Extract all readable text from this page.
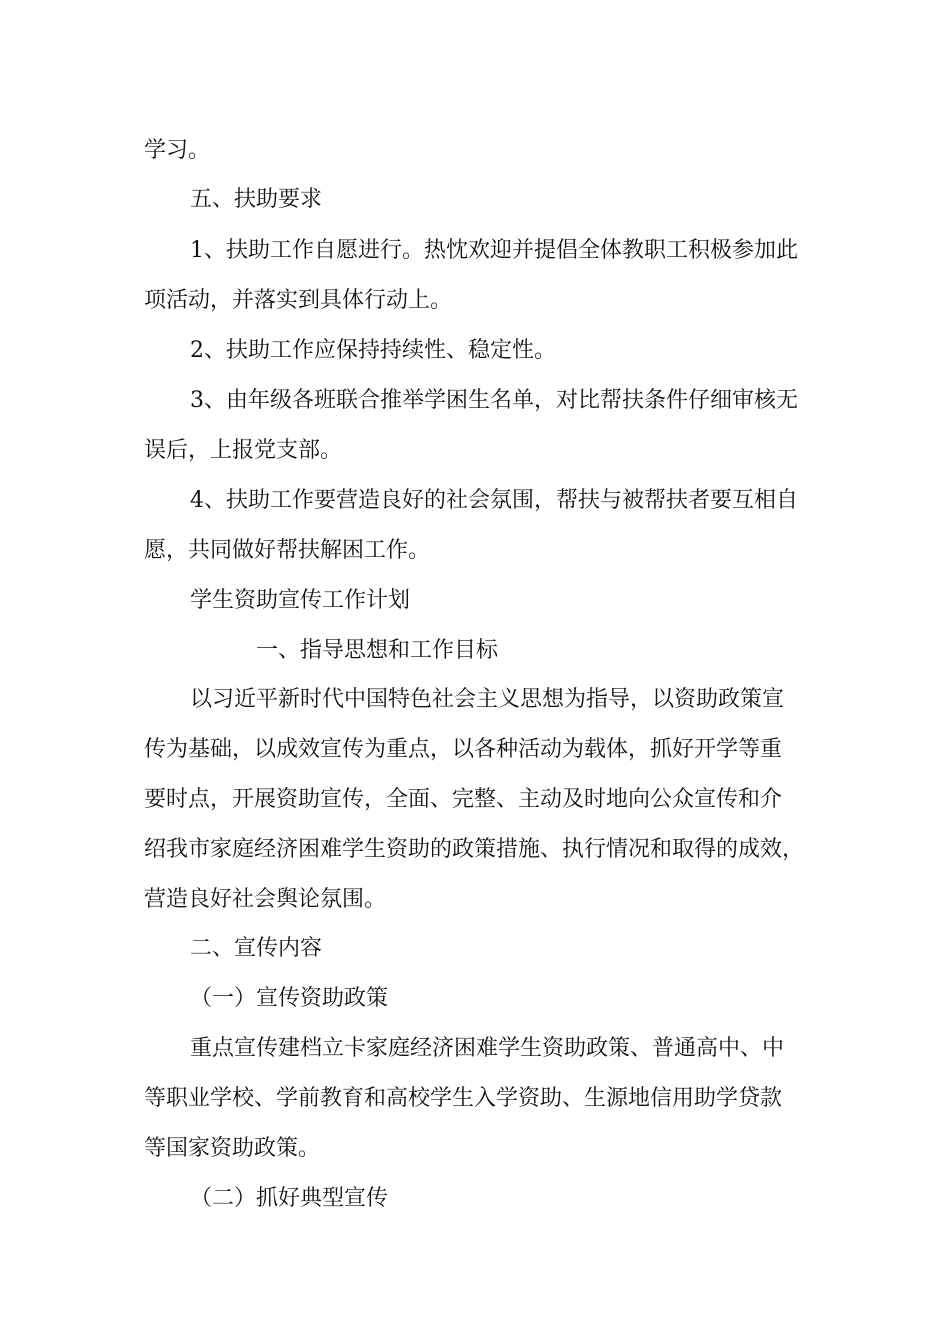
学习。

五、扶助要求

1、扶助工作自愿进行。热忱欢迎并提倡全体教职工积极参加此

项活动，并落实到具体行动上。

2、扶助工作应保持持续性、稳定性。

3、由年级各班联合推举学困生名单，对比帮扶条件仔细审核无

误后，上报党支部。

4、扶助工作要营造良好的社会氛围，帮扶与被帮扶者要互相自

愿，共同做好帮扶解困工作。

学生资助宣传工作计划

一、指导思想和工作目标

以习近平新时代中国特色社会主义思想为指导，以资助政策宣

传为基础，以成效宣传为重点，以各种活动为载体，抓好开学等重

要时点，开展资助宣传，全面、完整、主动及时地向公众宣传和介

绍我市家庭经济困难学生资助的政策措施、执行情况和取得的成效，

营造良好社会舆论氛围。

二、宣传内容

（一）宣传资助政策

重点宣传建档立卡家庭经济困难学生资助政策、普通高中、中

等职业学校、学前教育和高校学生入学资助、生源地信用助学贷款

等国家资助政策。

（二）抓好典型宣传
